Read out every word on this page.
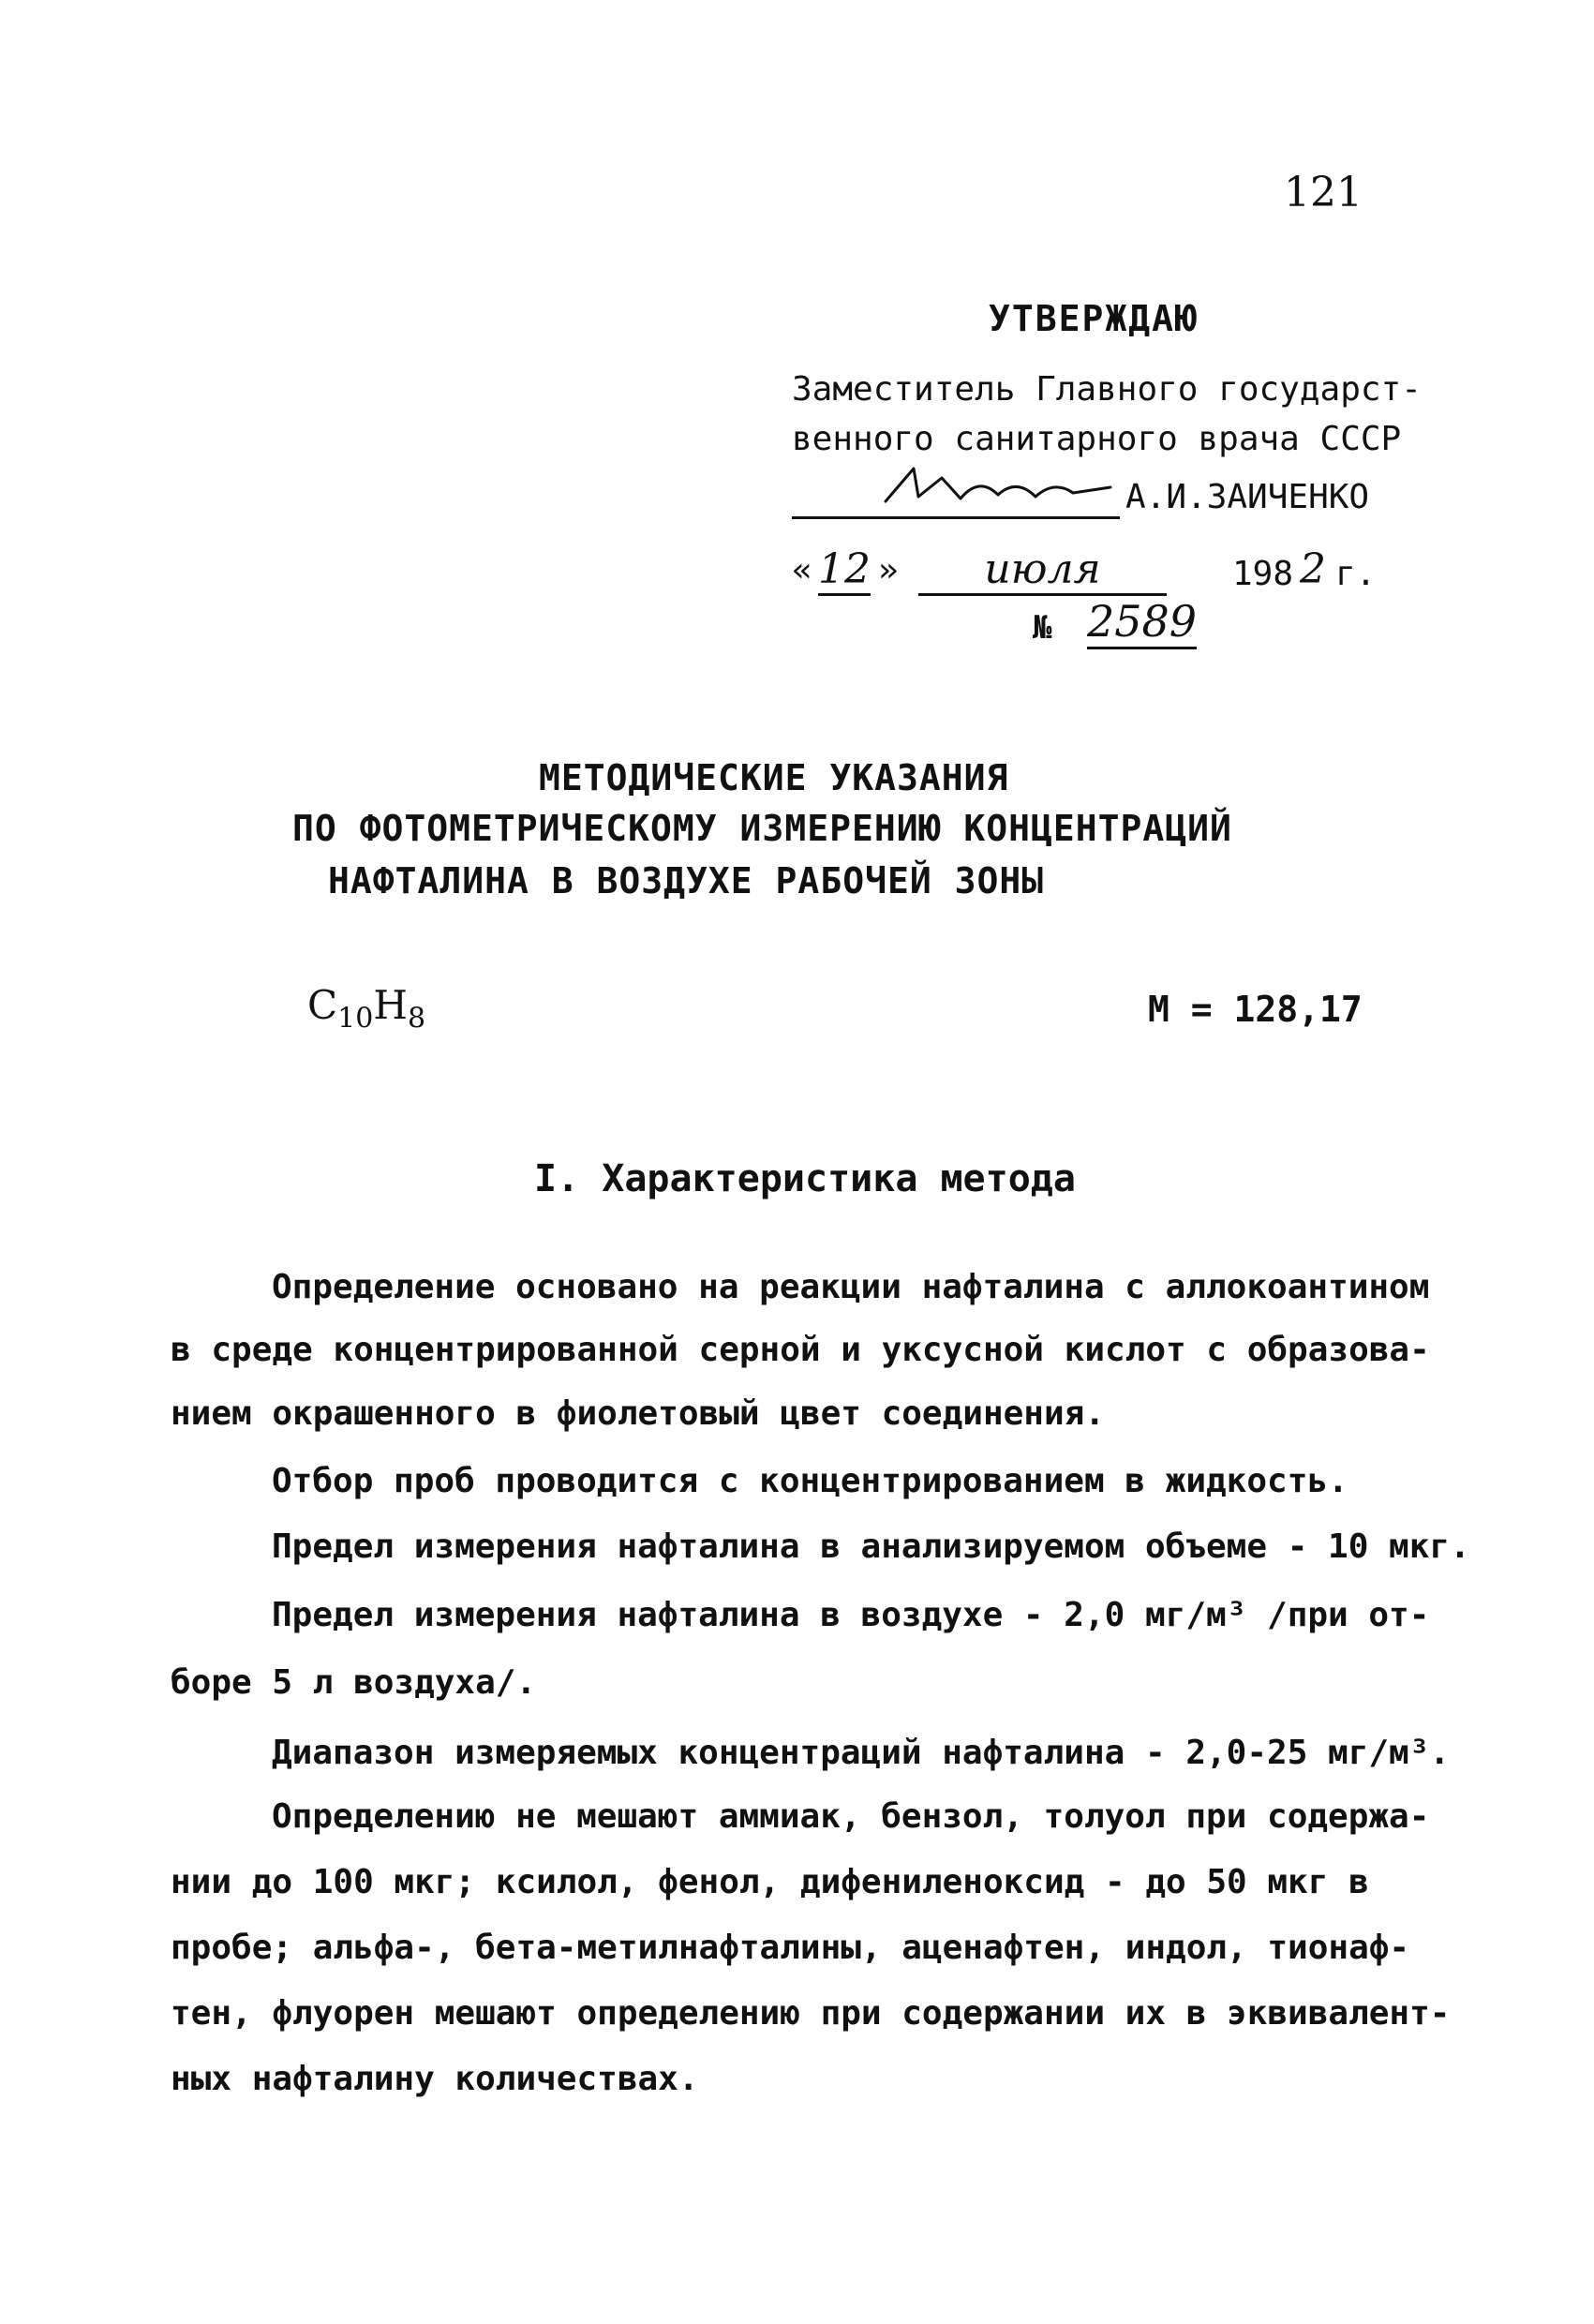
121
УТВЕРЖДАЮ
Заместитель Главного государст-
венного санитарного врача СССР
А.И.ЗАИЧЕНКО
« 12 »	июля	198 2 г.
№ 2589
МЕТОДИЧЕСКИЕ УКАЗАНИЯ
ПО ФОТОМЕТРИЧЕСКОМУ ИЗМЕРЕНИЮ КОНЦЕНТРАЦИЙ
НАФТАЛИНА В ВОЗДУХЕ РАБОЧЕЙ ЗОНЫ
$C_{10}H_8$	М = 128,17
I. Характеристика метода
Определение основано на реакции нафталина с аллокоантином
в среде концентрированной серной и уксусной кислот с образова-
нием окрашенного в фиолетовый цвет соединения.
Отбор проб проводится с концентрированием в жидкость.
Предел измерения нафталина в анализируемом объеме - 10 мкг.
Предел измерения нафталина в воздухе - 2,0 мг/м³ /при от-
боре 5 л воздуха/.
Диапазон измеряемых концентраций нафталина - 2,0-25 мг/м³.
Определению не мешают аммиак, бензол, толуол при содержа-
нии до 100 мкг; ксилол, фенол, дифениленоксид - до 50 мкг в
пробе; альфа-, бета-метилнафталины, аценафтен, индол, тионаф-
тен, флуорен мешают определению при содержании их в эквивалент-
ных нафталину количествах.
